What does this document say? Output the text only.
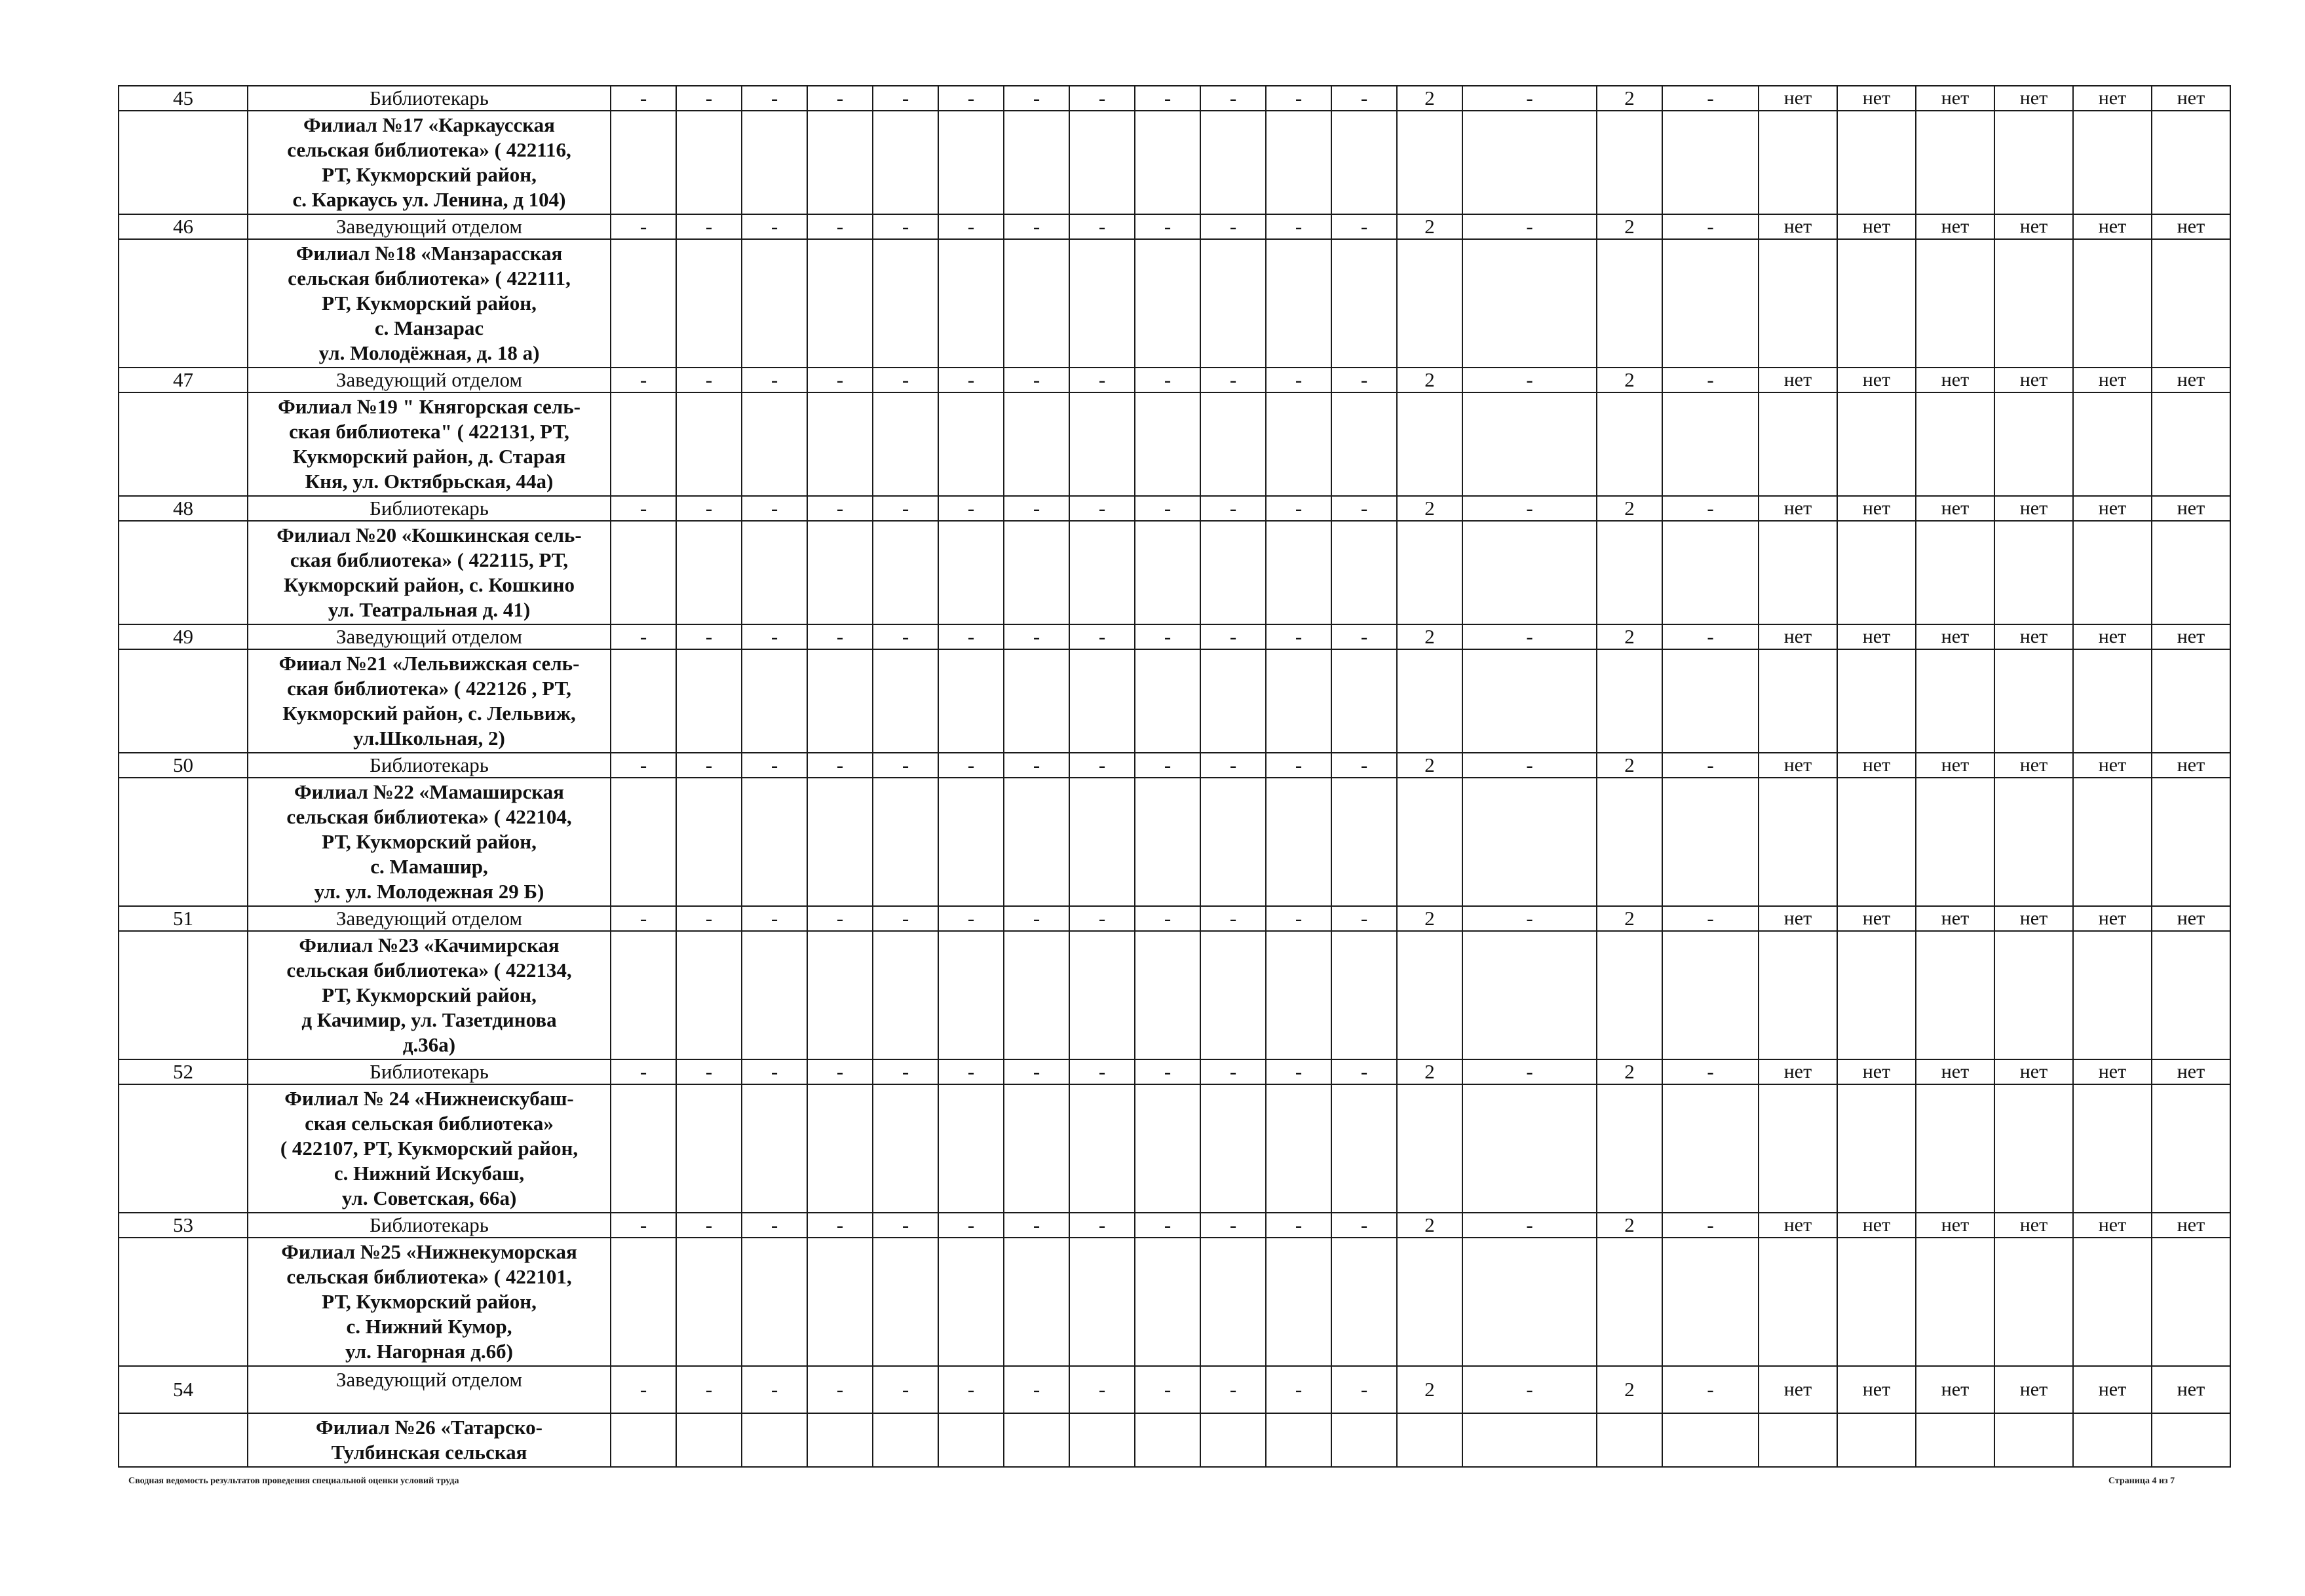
45	Библиотекарь	-	-	-	-	-	-	-	-	-	-	-	-	2	-	2	-	нет	нет	нет	нет	нет	нет
	Филиал №17 «Каркаусская
сельская библиотека» ( 422116,
РТ, Кукморский район,
с. Каркаусь ул. Ленина, д 104)																						
46	Заведующий отделом	-	-	-	-	-	-	-	-	-	-	-	-	2	-	2	-	нет	нет	нет	нет	нет	нет
	Филиал №18 «Манзарасская
сельская библиотека» ( 422111,
РТ, Кукморский район,
с. Манзарас
ул. Молодёжная, д. 18 а)																						
47	Заведующий отделом	-	-	-	-	-	-	-	-	-	-	-	-	2	-	2	-	нет	нет	нет	нет	нет	нет
	Филиал №19 " Княгорская сель-
ская библиотека" ( 422131, РТ,
Кукморский район, д. Старая
Кня, ул. Октябрьская, 44а)																						
48	Библиотекарь	-	-	-	-	-	-	-	-	-	-	-	-	2	-	2	-	нет	нет	нет	нет	нет	нет
	Филиал №20 «Кошкинская сель-
ская библиотека» ( 422115, РТ,
Кукморский район, с. Кошкино
ул. Театральная д. 41)																						
49	Заведующий отделом	-	-	-	-	-	-	-	-	-	-	-	-	2	-	2	-	нет	нет	нет	нет	нет	нет
	Фииал №21 «Лельвижская сель-
ская библиотека» ( 422126 , РТ,
Кукморский район, с. Лельвиж,
ул.Школьная, 2)																						
50	Библиотекарь	-	-	-	-	-	-	-	-	-	-	-	-	2	-	2	-	нет	нет	нет	нет	нет	нет
	Филиал №22 «Мамаширская
сельская библиотека» ( 422104,
РТ, Кукморский район,
с. Мамашир,
ул. ул. Молодежная 29 Б)																						
51	Заведующий отделом	-	-	-	-	-	-	-	-	-	-	-	-	2	-	2	-	нет	нет	нет	нет	нет	нет
	Филиал №23 «Качимирская
сельская библиотека» ( 422134,
РТ, Кукморский район,
д Качимир, ул. Тазетдинова
д.36а)																						
52	Библиотекарь	-	-	-	-	-	-	-	-	-	-	-	-	2	-	2	-	нет	нет	нет	нет	нет	нет
	Филиал № 24 «Нижнеискубаш-
ская сельская библиотека»
( 422107, РТ, Кукморский район,
с. Нижний Искубаш,
ул. Советская, 66а)																						
53	Библиотекарь	-	-	-	-	-	-	-	-	-	-	-	-	2	-	2	-	нет	нет	нет	нет	нет	нет
	Филиал №25 «Нижнекуморская
сельская библиотека» ( 422101,
РТ, Кукморский район,
с. Нижний Кумор,
ул. Нагорная д.6б)																						
54	Заведующий отделом	-	-	-	-	-	-	-	-	-	-	-	-	2	-	2	-	нет	нет	нет	нет	нет	нет
	Филиал №26 «Татарско-
Тулбинская сельская																						
Сводная ведомость результатов проведения специальной оценки условий труда	Страница 4 из 7
